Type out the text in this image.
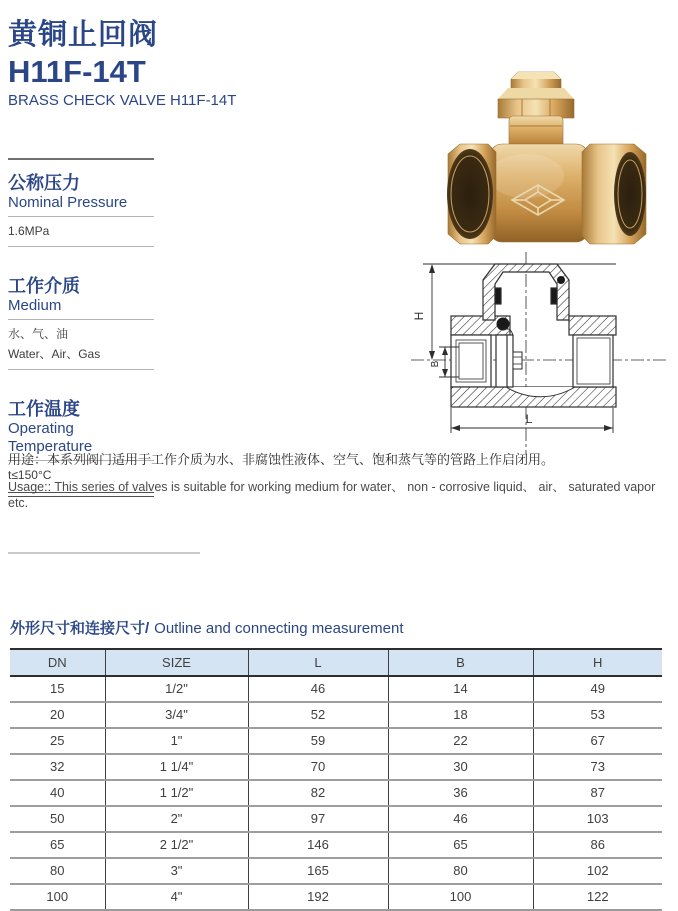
黄铜止回阀
H11F-14T
BRASS CHECK VALVE H11F-14T
公称压力
Nominal Pressure
1.6MPa
工作介质
Medium
水、气、油
Water、Air、Gas
工作温度
Operating Temperature
t≤150°C
H
B
L

用途：本系列阀门适用于工作介质为水、非腐蚀性液体、空气、饱和蒸气等的管路上作启闭用。

Usage:: This series of valves is suitable for working medium for water、 non - corrosive liquid、 air、 saturated vapor etc.

外形尺寸和连接尺寸/ Outline and connecting measurement

DN	SIZE	L	B	H
15	1/2"	46	14	49
20	3/4"	52	18	53
25	1"	59	22	67
32	1 1/4"	70	30	73
40	1 1/2"	82	36	87
50	2"	97	46	103
65	2 1/2"	146	65	86
80	3"	165	80	102
100	4"	192	100	122
